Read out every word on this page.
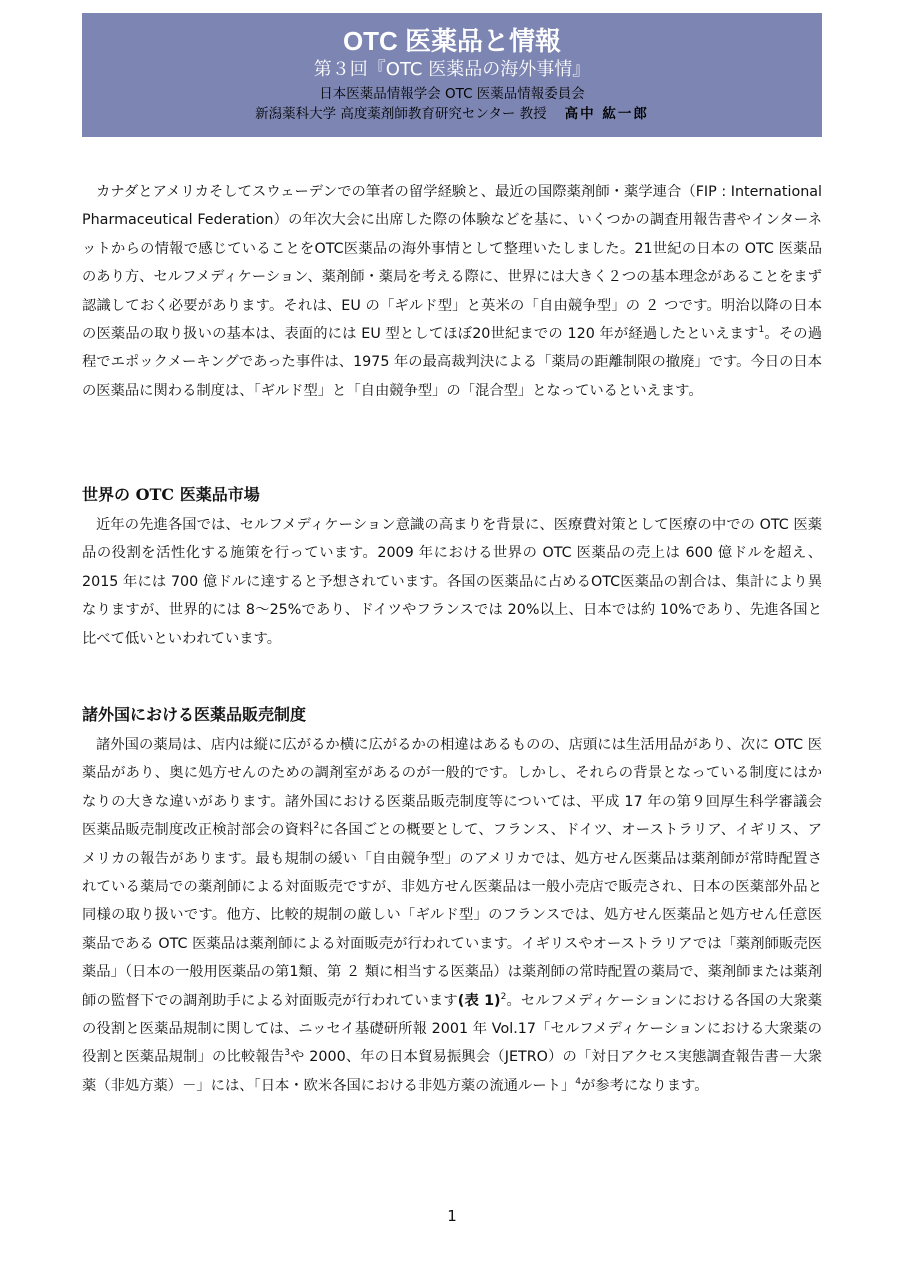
OTC 医薬品と情報
第３回『OTC 医薬品の海外事情』
日本医薬品情報学会 OTC 医薬品情報委員会
新潟薬科大学 高度薬剤師教育研究センター 教授 高中 紘一郎
カナダとアメリカそしてスウェーデンでの筆者の留学経験と、最近の国際薬剤師・薬学連合（FIP : International Pharmaceutical Federation）の年次大会に出席した際の体験などを基に、いくつかの調査用報告書やインターネットからの情報で感じていることをOTC医薬品の海外事情として整理いたしました。21世紀の日本の OTC 医薬品のあり方、セルフメディケーション、薬剤師・薬局を考える際に、世界には大きく２つの基本理念があることをまず認識しておく必要があります。それは、EU の「ギルド型」と英米の「自由競争型」の ２ つです。明治以降の日本の医薬品の取り扱いの基本は、表面的には EU 型としてほぼ20世紀までの 120 年が経過したといえます$^1$。その過程でエポックメーキングであった事件は、1975 年の最高裁判決による「薬局の距離制限の撤廃」です。今日の日本の医薬品に関わる制度は、「ギルド型」と「自由競争型」の「混合型」となっているといえます。
世界の OTC 医薬品市場
近年の先進各国では、セルフメディケーション意識の高まりを背景に、医療費対策として医療の中での OTC 医薬品の役割を活性化する施策を行っています。2009 年における世界の OTC 医薬品の売上は 600 億ドルを超え、2015 年には 700 億ドルに達すると予想されています。各国の医薬品に占めるOTC医薬品の割合は、集計により異なりますが、世界的には 8～25%であり、ドイツやフランスでは 20%以上、日本では約 10%であり、先進各国と比べて低いといわれています。
諸外国における医薬品販売制度
諸外国の薬局は、店内は縦に広がるか横に広がるかの相違はあるものの、店頭には生活用品があり、次に OTC 医薬品があり、奥に処方せんのための調剤室があるのが一般的です。しかし、それらの背景となっている制度にはかなりの大きな違いがあります。諸外国における医薬品販売制度等については、平成 17 年の第９回厚生科学審議会医薬品販売制度改正検討部会の資料$^2$に各国ごとの概要として、フランス、ドイツ、オーストラリア、イギリス、アメリカの報告があります。最も規制の緩い「自由競争型」のアメリカでは、処方せん医薬品は薬剤師が常時配置されている薬局での薬剤師による対面販売ですが、非処方せん医薬品は一般小売店で販売され、日本の医薬部外品と同様の取り扱いです。他方、比較的規制の厳しい「ギルド型」のフランスでは、処方せん医薬品と処方せん任意医薬品である OTC 医薬品は薬剤師による対面販売が行われています。イギリスやオーストラリアでは「薬剤師販売医薬品」（日本の一般用医薬品の第1類、第 ２ 類に相当する医薬品）は薬剤師の常時配置の薬局で、薬剤師または薬剤師の監督下での調剤助手による対面販売が行われています(表 1)$^2$。セルフメディケーションにおける各国の大衆薬の役割と医薬品規制に関しては、ニッセイ基礎研所報 2001 年 Vol.17「セルフメディケーションにおける大衆薬の役割と医薬品規制」の比較報告$^3$や 2000、年の日本貿易振興会（JETRO）の「対日アクセス実態調査報告書－大衆薬（非処方薬）－」には、「日本・欧米各国における非処方薬の流通ルート」$^4$が参考になります。
1
